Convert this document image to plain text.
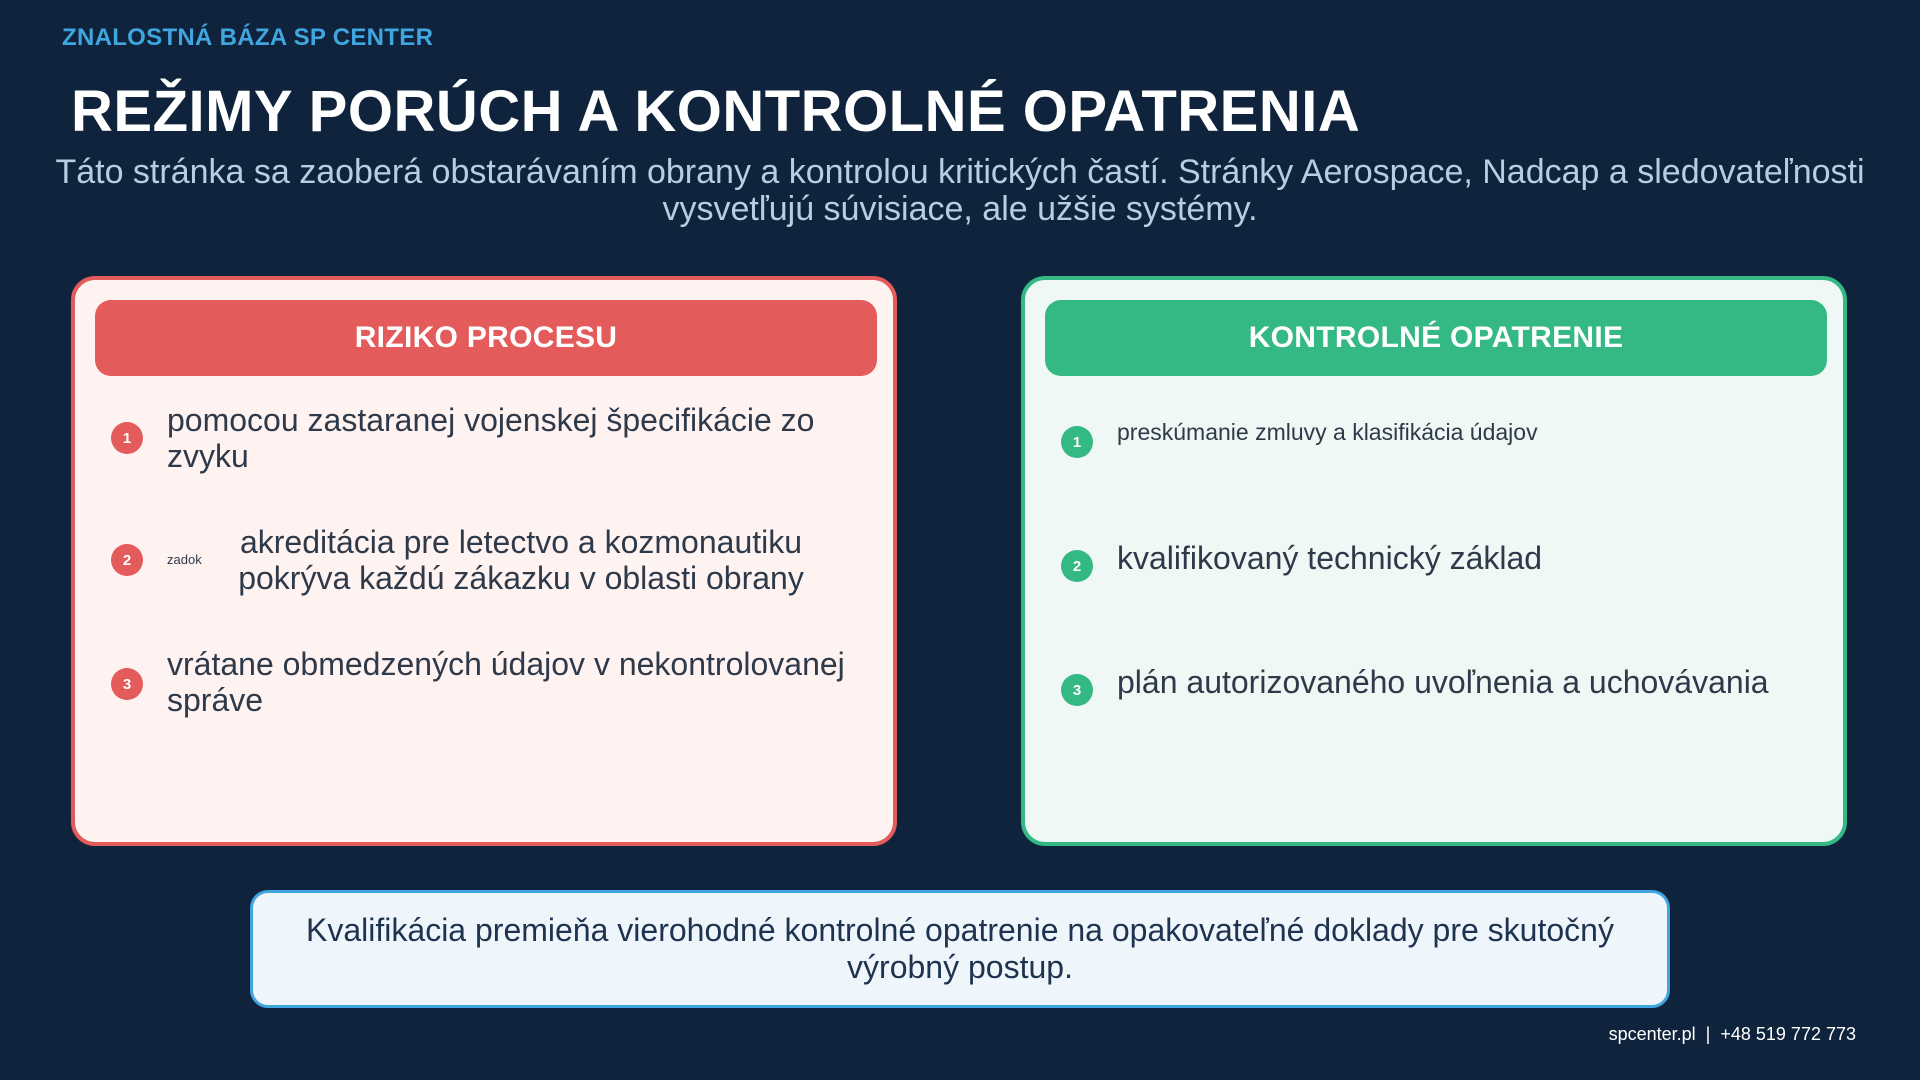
ZNALOSTNÁ BÁZA SP CENTER
REŽIMY PORÚCH A KONTROLNÉ OPATRENIA
Táto stránka sa zaoberá obstarávaním obrany a kontrolou kritických častí. Stránky Aerospace, Nadcap a sledovateľnosti vysvetľujú súvisiace, ale užšie systémy.
RIZIKO PROCESU
1	pomocou zastaranej vojenskej špecifikácie zo zvyku
2	zadok	akreditácia pre letectvo a kozmonautiku pokrýva každú zákazku v oblasti obrany
3
vrátane obmedzených údajov v nekontrolovanej správe
KONTROLNÉ OPATRENIE
1	preskúmanie zmluvy a klasifikácia údajov
2	kvalifikovaný technický základ
3	plán autorizovaného uvoľnenia a uchovávania
Kvalifikácia premieňa vierohodné kontrolné opatrenie na opakovateľné doklady pre skutočný výrobný postup.
spcenter.pl  |  +48 519 772 773
